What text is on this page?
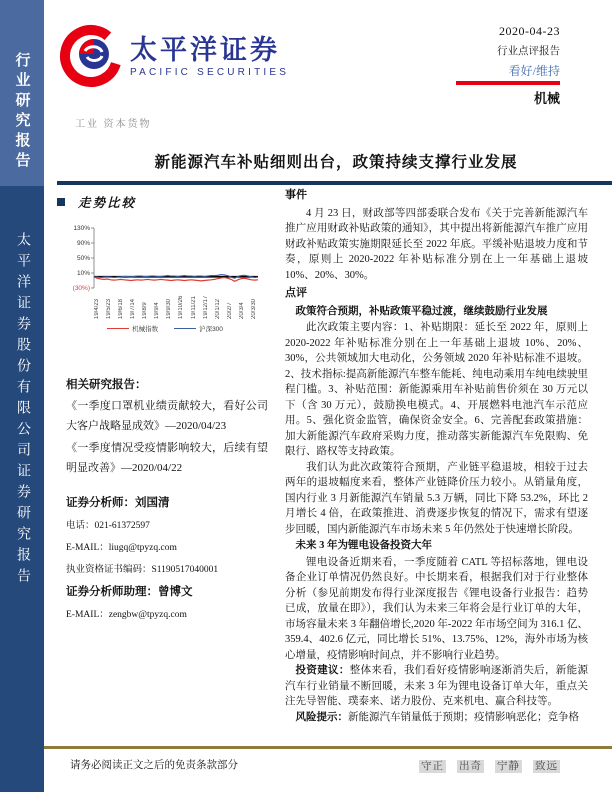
行业研究报告
太平洋证券股份有限公司证券研究报告
太平洋证券
PACIFIC SECURITIES
2020-04-23
行业点评报告
看好/维持
机械
工业 资本货物
新能源汽车补贴细则出台，政策持续支撑行业发展
走势比较
130%
90%
50%
10%
(30%)
19/4/23 19/5/23 19/6/18 19/7/14 19/8/9 19/9/4 19/9/30 19/10/26 19/11/21 19/12/17 20/1/12 20/2/7 20/3/4 20/3/30
机械指数	沪深300
相关研究报告：

《一季度口罩机业绩贡献较大，看好公司大客户战略显成效》—2020/04/23

《一季度情况受疫情影响较大，后续有望明显改善》—2020/04/22

证券分析师：刘国清
电话：021-61372597
E-MAIL：liugq@tpyzq.com
执业资格证书编码：S1190517040001
证券分析师助理：曾博文
E-MAIL：zengbw@tpyzq.com
事件

4 月 23 日，财政部等四部委联合发布《关于完善新能源汽车推广应用财政补贴政策的通知》，其中提出将新能源汽车推广应用财政补贴政策实施期限延长至 2022 年底。平缓补贴退坡力度和节奏，原则上 2020-2022 年补贴标准分别在上一年基础上退坡 10%、20%、30%。

点评
政策符合预期，补贴政策平稳过渡，继续鼓励行业发展

此次政策主要内容：1、补贴期限：延长至 2022 年，原则上 2020-2022 年补贴标准分别在上一年基础上退坡 10%、20%、30%，公共领域加大电动化，公务领域 2020 年补贴标准不退坡。2、技术指标:提高新能源汽车整车能耗、纯电动乘用车纯电续驶里程门槛。3、补贴范围：新能源乘用车补贴前售价须在 30 万元以下（含 30 万元），鼓励换电模式。4、开展燃料电池汽车示范应用。5、强化资金监管，确保资金安全。6、完善配套政策措施：加大新能源汽车政府采购力度，推动落实新能源汽车免限购、免限行、路权等支持政策。

我们认为此次政策符合预期，产业链平稳退坡，相较于过去两年的退坡幅度来看，整体产业链降价压力较小。从销量角度，国内行业 3 月新能源汽车销量 5.3 万辆，同比下降 53.2%，环比 2 月增长 4 倍，在政策推进、消费逐步恢复的情况下，需求有望逐步回暖，国内新能源汽车市场未来 5 年仍然处于快速增长阶段。

未来 3 年为锂电设备投资大年

锂电设备近期来看，一季度随着 CATL 等招标落地，锂电设备企业订单情况仍然良好。中长期来看，根据我们对于行业整体分析（参见前期发布得行业深度报告《锂电设备行业报告：趋势已成，放量在即》），我们认为未来三年将会是行业订单的大年，市场容量未来 3 年翻倍增长,2020 年-2022 年市场空间为 316.1 亿、359.4、402.6 亿元，同比增长 51%、13.75%、12%，海外市场为核心增量，疫情影响时间点，并不影响行业趋势。

投资建议：整体来看，我们看好疫情影响逐渐消失后，新能源汽车行业销量不断回暖，未来 3 年为锂电设备订单大年，重点关注先导智能、璞泰来、诺力股份、克来机电、赢合科技等。

风险提示：新能源汽车销量低于预期；疫情影响恶化；竞争格

请务必阅读正文之后的免责条款部分	守正 出奇 宁静 致远
